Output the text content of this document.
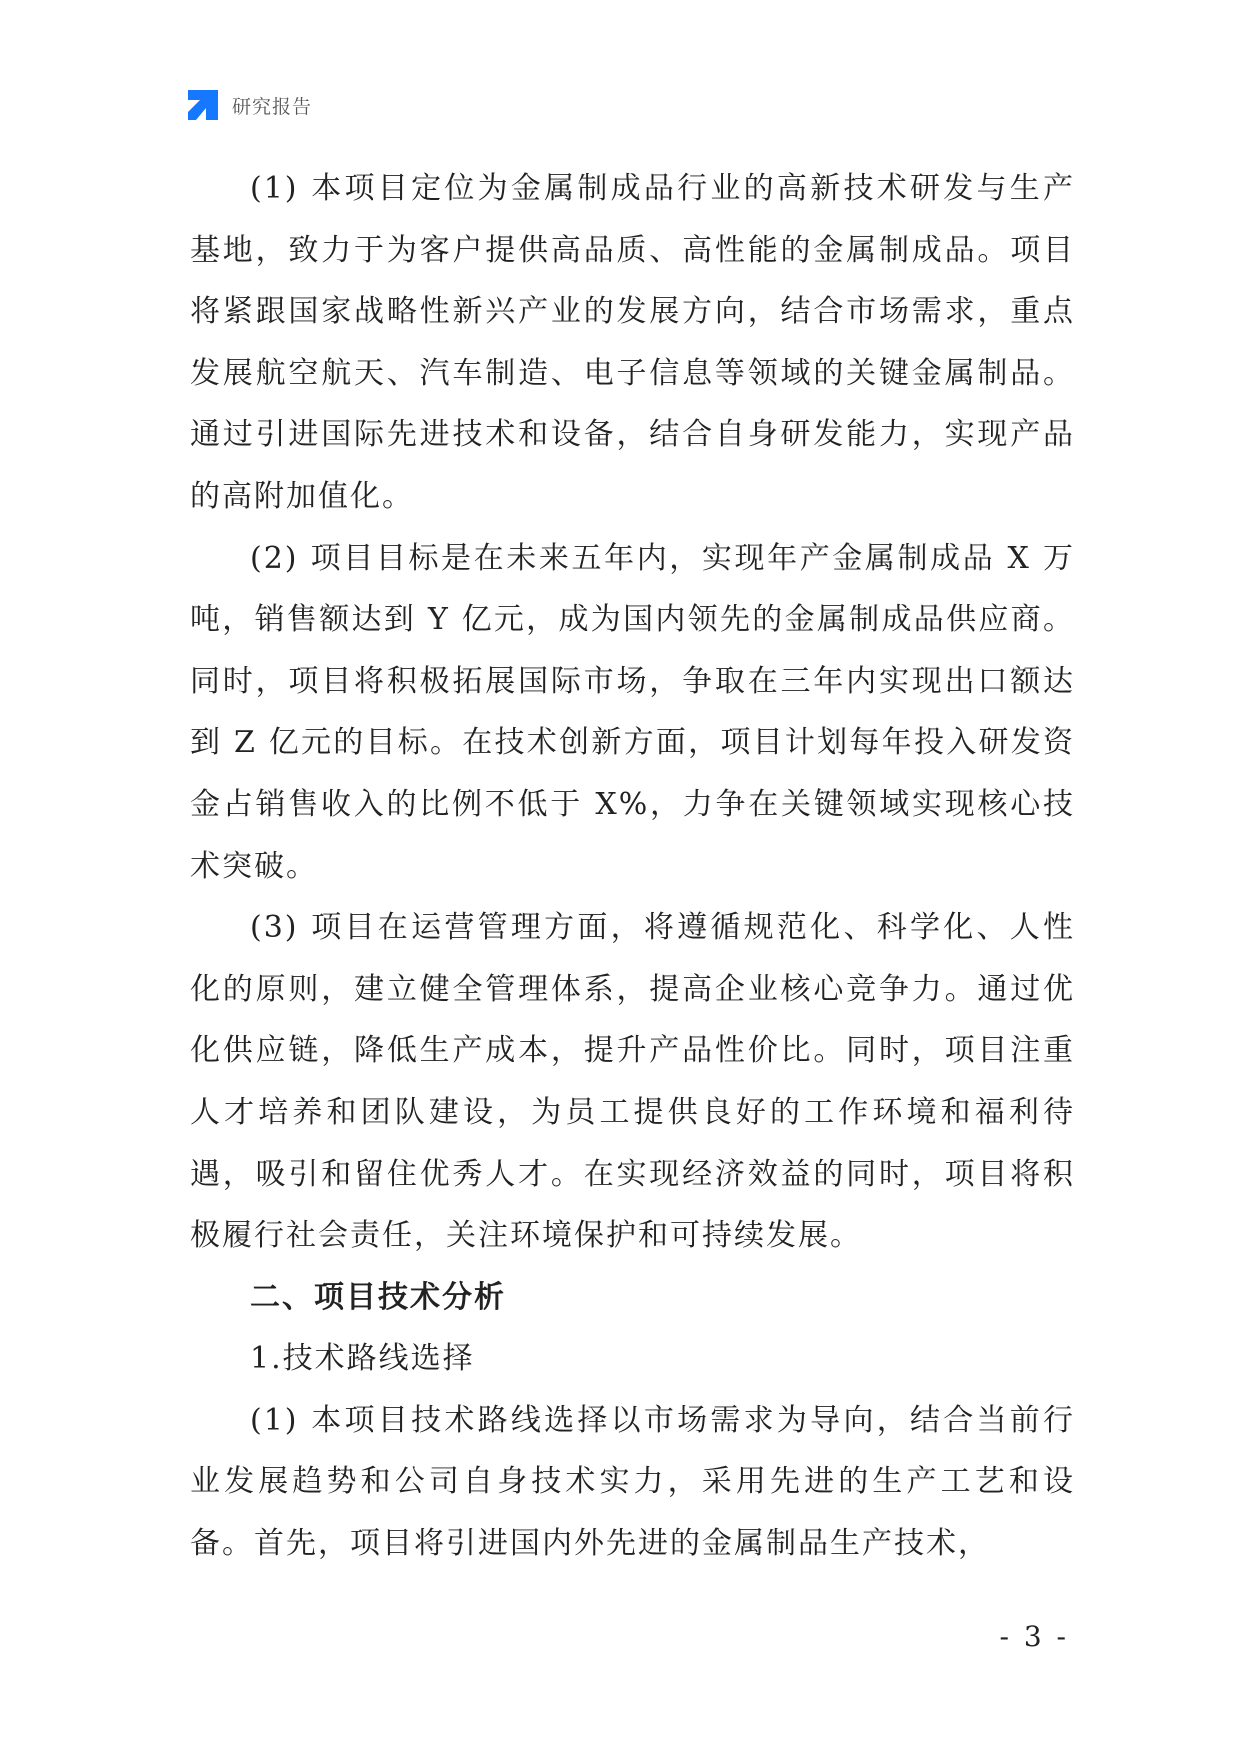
研究报告

(1) 本项目定位为金属制成品行业的高新技术研发与生产基地，致力于为客户提供高品质、高性能的金属制成品。项目将紧跟国家战略性新兴产业的发展方向，结合市场需求，重点发展航空航天、汽车制造、电子信息等领域的关键金属制品。通过引进国际先进技术和设备，结合自身研发能力，实现产品的高附加值化。

(2) 项目目标是在未来五年内，实现年产金属制成品 X 万吨，销售额达到 Y 亿元，成为国内领先的金属制成品供应商。同时，项目将积极拓展国际市场，争取在三年内实现出口额达到 Z 亿元的目标。在技术创新方面，项目计划每年投入研发资金占销售收入的比例不低于 X%，力争在关键领域实现核心技术突破。

(3) 项目在运营管理方面，将遵循规范化、科学化、人性化的原则，建立健全管理体系，提高企业核心竞争力。通过优化供应链，降低生产成本，提升产品性价比。同时，项目注重人才培养和团队建设，为员工提供良好的工作环境和福利待遇，吸引和留住优秀人才。在实现经济效益的同时，项目将积极履行社会责任，关注环境保护和可持续发展。

二、项目技术分析

1.技术路线选择

(1) 本项目技术路线选择以市场需求为导向，结合当前行业发展趋势和公司自身技术实力，采用先进的生产工艺和设备。首先，项目将引进国内外先进的金属制品生产技术，

- 3 -
